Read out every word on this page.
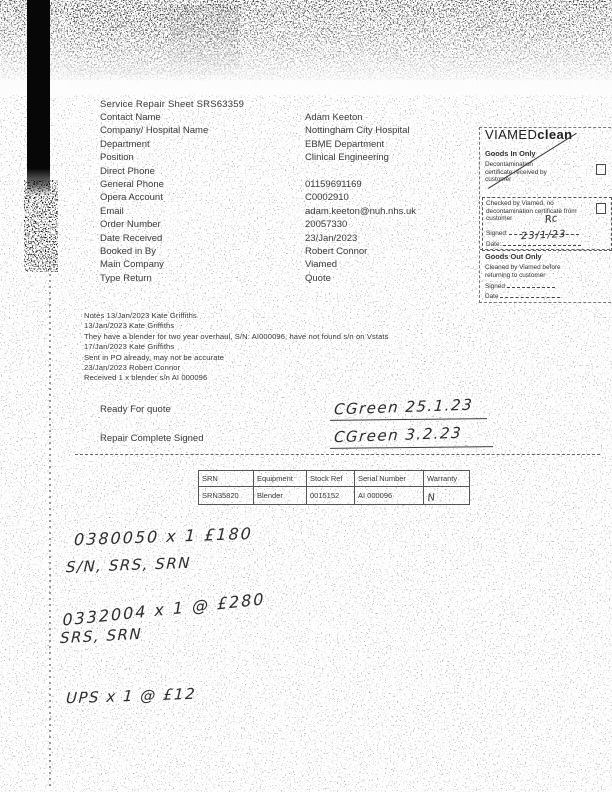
Service Repair Sheet SRS63359
Contact Name	Adam Keeton
Company/ Hospital Name	Nottingham City Hospital
Department	EBME Department
Position	Clinical Engineering
Direct Phone
General Phone	01159691169
Opera Account	C0002910
Email	adam.keeton@nuh.nhs.uk
Order Number	20057330
Date Received	23/Jan/2023
Booked in By	Robert Connor
Main Company	Viamed
Type Return	Quote
Notes 13/Jan/2023 Kate Griffiths
13/Jan/2023 Kate Griffiths
They have a blender for two year overhaul, S/N: AI000096, have not found s/n on Vstats
17/Jan/2023 Kate Griffiths
Sent in PO already, may not be accurate
23/Jan/2023 Robert Connor
Received 1 x blender s/n AI 000096
Ready For quote	CGreen 25.1.23
Repair Complete Signed	CGreen 3.2.23
SRN	Equipment	Stock Ref	Serial Number	Warranty
SRN35820	Blender	0015152	AI 000096	N
0380050 x 1 £180
S/N, SRS, SRN
0332004 x 1 @ £280
SRS, SRN
UPS x 1 @ £12
VIAMEDclean
Goods In Only
Decontamination certificate received by customer
Checked by Viamed, no decontamination certificate from customer
Signed:
Rc
Date:
23/1/23
Goods Out Only
Cleaned by Viamed before returning to customer
Signed
Date
